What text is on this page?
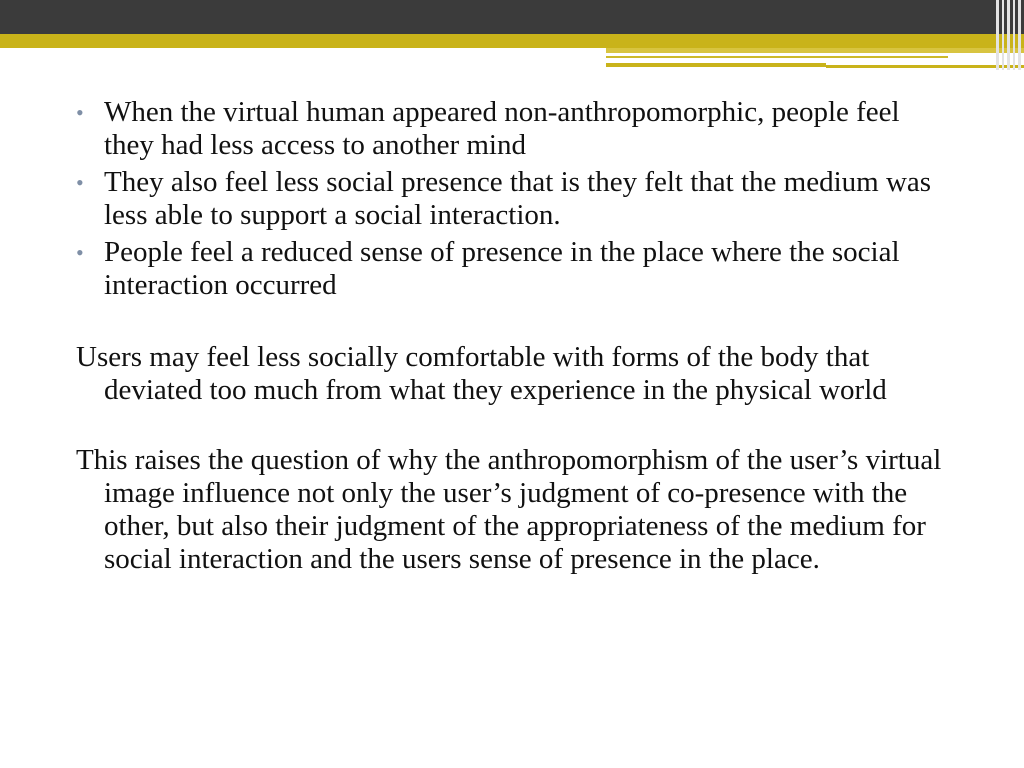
• When the virtual human appeared non-anthropomorphic, people feel they had less access to another mind
• They also feel less social presence that is they felt that the medium was less able to support a social interaction.
• People feel a reduced sense of presence in the place where the social interaction occurred

Users may feel less socially comfortable with forms of the body that deviated too much from what they experience in the physical world

This raises the question of why the anthropomorphism of the user’s virtual image influence not only the user’s judgment of co-presence with the other, but also their judgment of the appropriateness of the medium for social interaction and the users sense of presence in the place.
